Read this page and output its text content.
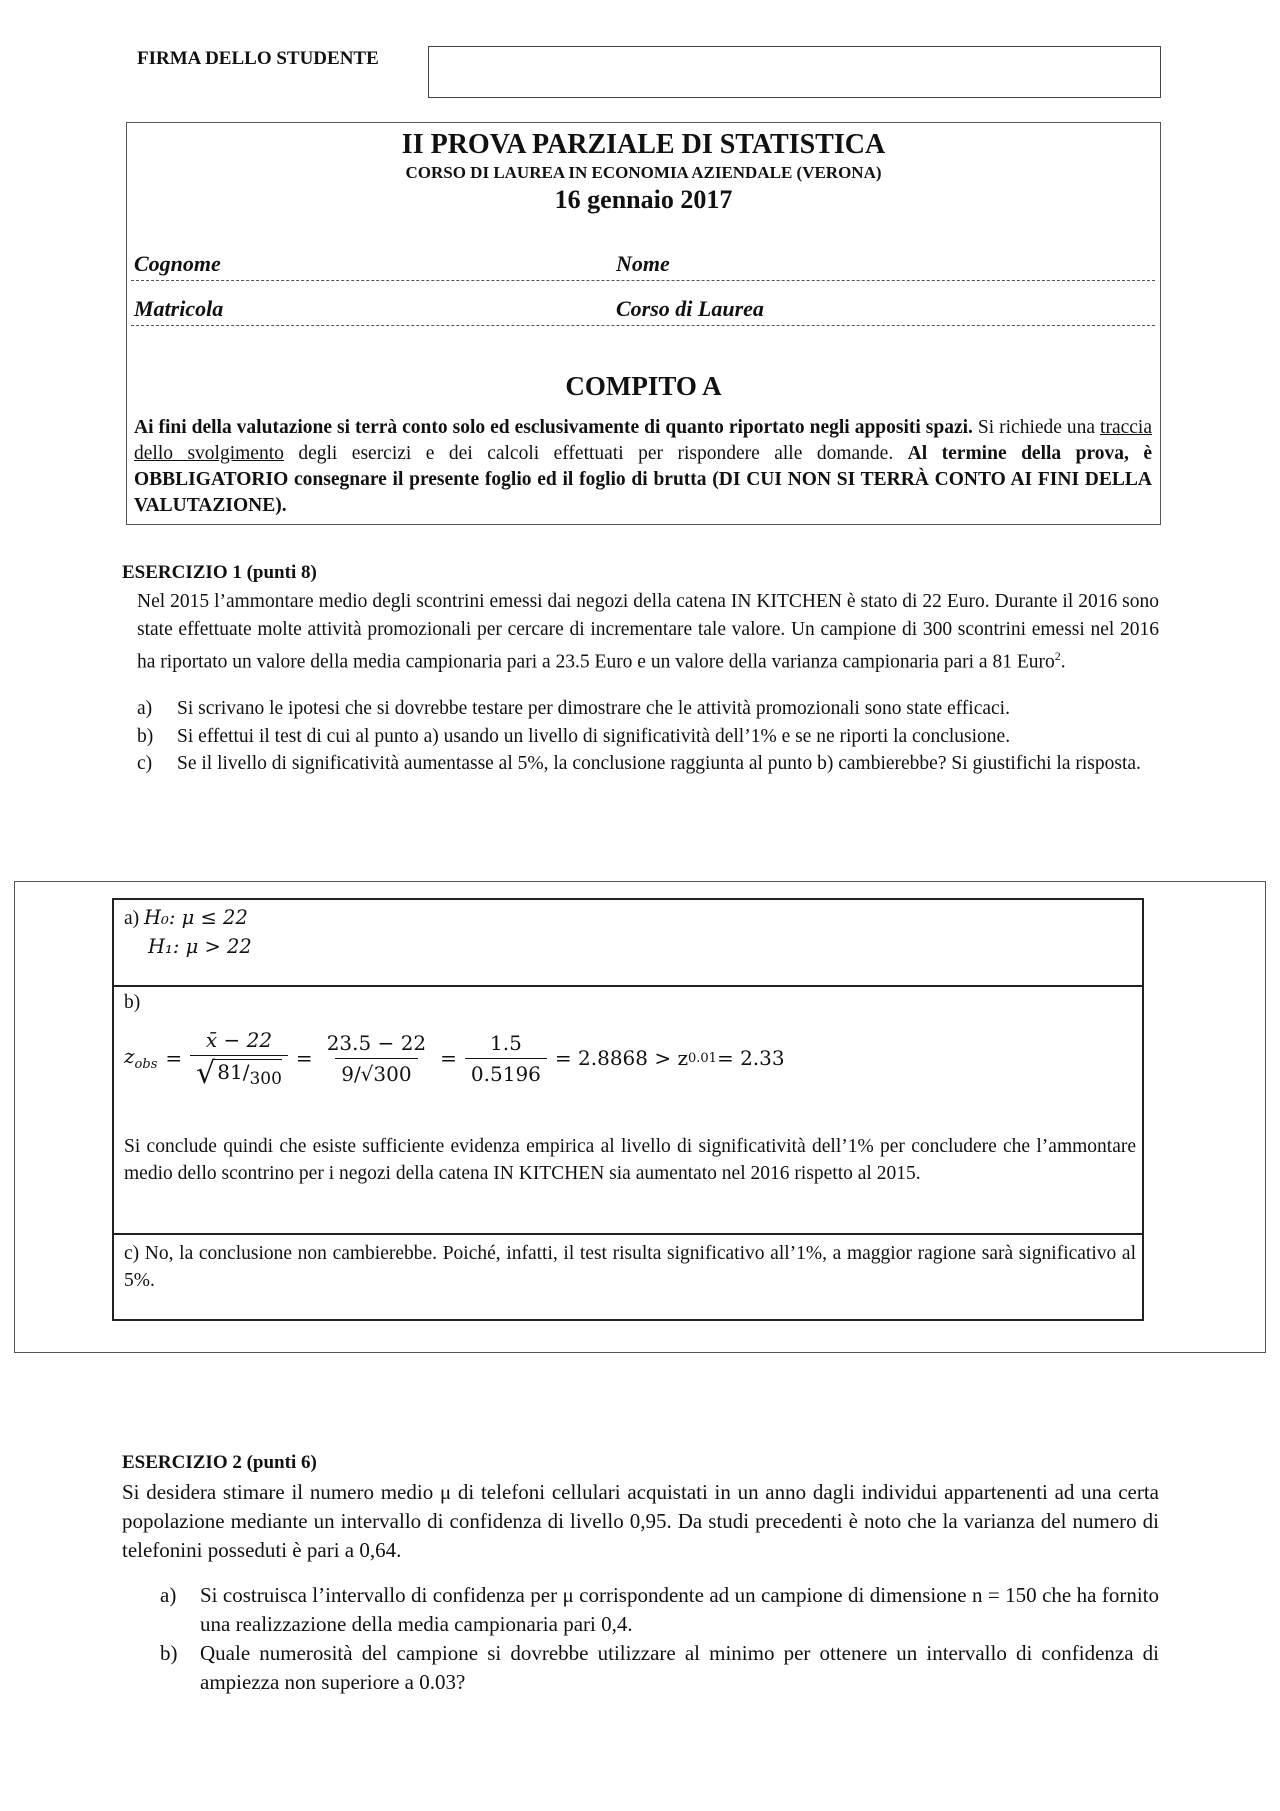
FIRMA DELLO STUDENTE
II PROVA PARZIALE DI STATISTICA
CORSO DI LAUREA IN ECONOMIA AZIENDALE (VERONA)
16 gennaio 2017
Cognome	Nome
Matricola	Corso di Laurea
COMPITO A
Ai fini della valutazione si terrà conto solo ed esclusivamente di quanto riportato negli appositi spazi. Si richiede una traccia dello svolgimento degli esercizi e dei calcoli effettuati per rispondere alle domande. Al termine della prova, è OBBLIGATORIO consegnare il presente foglio ed il foglio di brutta (DI CUI NON SI TERRÀ CONTO AI FINI DELLA VALUTAZIONE).
ESERCIZIO 1 (punti 8)
Nel 2015 l’ammontare medio degli scontrini emessi dai negozi della catena IN KITCHEN è stato di 22 Euro. Durante il 2016 sono state effettuate molte attività promozionali per cercare di incrementare tale valore. Un campione di 300 scontrini emessi nel 2016 ha riportato un valore della media campionaria pari a 23.5 Euro e un valore della varianza campionaria pari a 81 Euro$^2$.
a) Si scrivano le ipotesi che si dovrebbe testare per dimostrare che le attività promozionali sono state efficaci.
b) Si effettui il test di cui al punto a) usando un livello di significatività dell’1% e se ne riporti la conclusione.
c) Se il livello di significatività aumentasse al 5%, la conclusione raggiunta al punto b) cambierebbe? Si giustifichi la risposta.
a) H₀: μ ≤ 22
H₁: μ > 22
b)
$z_{obs} = \frac{x̄ - 22}{√ 81/_{300}} = \frac{23.5 - 22}{9/√300} = \frac{1.5}{0.5196} = 2.8868 > z$ 0.01 = 2.33
Si conclude quindi che esiste sufficiente evidenza empirica al livello di significatività dell’1% per concludere che l’ammontare medio dello scontrino per i negozi della catena IN KITCHEN sia aumentato nel 2016 rispetto al 2015.
c) No, la conclusione non cambierebbe. Poiché, infatti, il test risulta significativo all’1%, a maggior ragione sarà significativo al 5%.
ESERCIZIO 2 (punti 6)
Si desidera stimare il numero medio μ di telefoni cellulari acquistati in un anno dagli individui appartenenti ad una certa popolazione mediante un intervallo di confidenza di livello 0,95. Da studi precedenti è noto che la varianza del numero di telefonini posseduti è pari a 0,64.
a) Si costruisca l’intervallo di confidenza per μ corrispondente ad un campione di dimensione n = 150 che ha fornito una realizzazione della media campionaria pari 0,4.
b) Quale numerosità del campione si dovrebbe utilizzare al minimo per ottenere un intervallo di confidenza di ampiezza non superiore a 0.03?
